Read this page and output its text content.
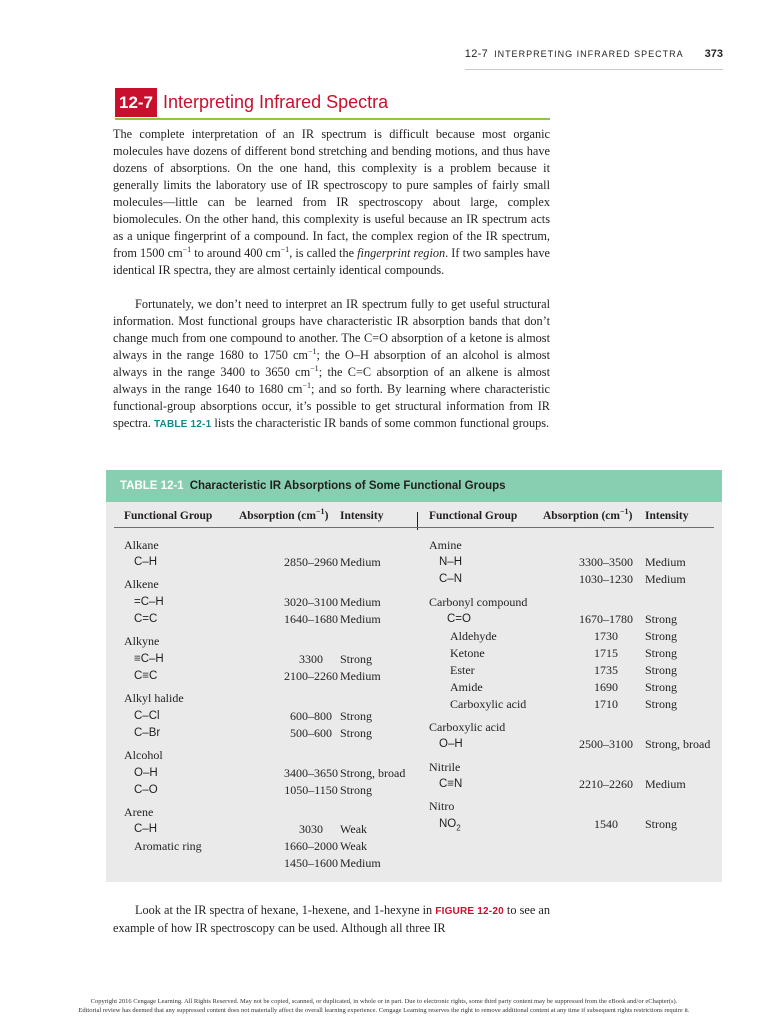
12-7 INTERPRETING INFRARED SPECTRA 373
12-7 Interpreting Infrared Spectra

The complete interpretation of an IR spectrum is difficult because most organic molecules have dozens of different bond stretching and bending motions, and thus have dozens of absorptions. On the one hand, this complexity is a problem because it generally limits the laboratory use of IR spectroscopy to pure samples of fairly small molecules—little can be learned from IR spectroscopy about large, complex biomolecules. On the other hand, this complexity is useful because an IR spectrum acts as a unique fingerprint of a compound. In fact, the complex region of the IR spectrum, from 1500 $cm^{-1}$ to around 400 $cm^{-1}$, is called the fingerprint region. If two samples have identical IR spectra, they are almost certainly identical compounds.

Fortunately, we don’t need to interpret an IR spectrum fully to get useful structural information. Most functional groups have characteristic IR absorption bands that don’t change much from one compound to another. The C=O absorption of a ketone is almost always in the range 1680 to 1750 $cm^{-1}$; the O–H absorption of an alcohol is almost always in the range 3400 to 3650 $cm^{-1}$; the C=C absorption of an alkene is almost always in the range 1640 to 1680 $cm^{-1}$; and so forth. By learning where characteristic functional-group absorptions occur, it’s possible to get structural information from IR spectra. TABLE 12-1 lists the characteristic IR bands of some common functional groups.

TABLE 12-1 Characteristic IR Absorptions of Some Functional Groups
Functional Group Absorption $(cm^{-1})$ Intensity	Functional Group Absorption $(cm^{-1})$ Intensity
Alkane
C–H	2850–2960 Medium
Alkene
=C–H	3020–3100 Medium
C=C	1640–1680 Medium
Alkyne
≡C–H	3300	Strong
C≡C	2100–2260 Medium
Alkyl halide
C–Cl	600–800 Strong
C–Br	500–600 Strong
Alcohol
O–H	3400–3650 Strong, broad
C–O	1050–1150 Strong
Arene
C–H	3030	Weak
Aromatic ring	1660–2000 Weak
1450–1600 Medium
Amine
N–H	3300–3500	Medium
C–N	1030–1230	Medium
Carbonyl compound
C=O	1670–1780	Strong
Aldehyde	1730	Strong
Ketone	1715	Strong
Ester	1735	Strong
Amide	1690	Strong
Carboxylic acid	1710	Strong
Carboxylic acid
O–H	2500–3100	Strong, broad
Nitrile
C≡N	2210–2260	Medium
Nitro
$NO_2$	1540	Strong

Look at the IR spectra of hexane, 1-hexene, and 1-hexyne in FIGURE 12-20 to see an example of how IR spectroscopy can be used. Although all three IR

Copyright 2016 Cengage Learning. All Rights Reserved. May not be copied, scanned, or duplicated, in whole or in part. Due to electronic rights, some third party content may be suppressed from the eBook and/or eChapter(s).
Editorial review has deemed that any suppressed content does not materially affect the overall learning experience. Cengage Learning reserves the right to remove additional content at any time if subsequent rights restrictions require it.
